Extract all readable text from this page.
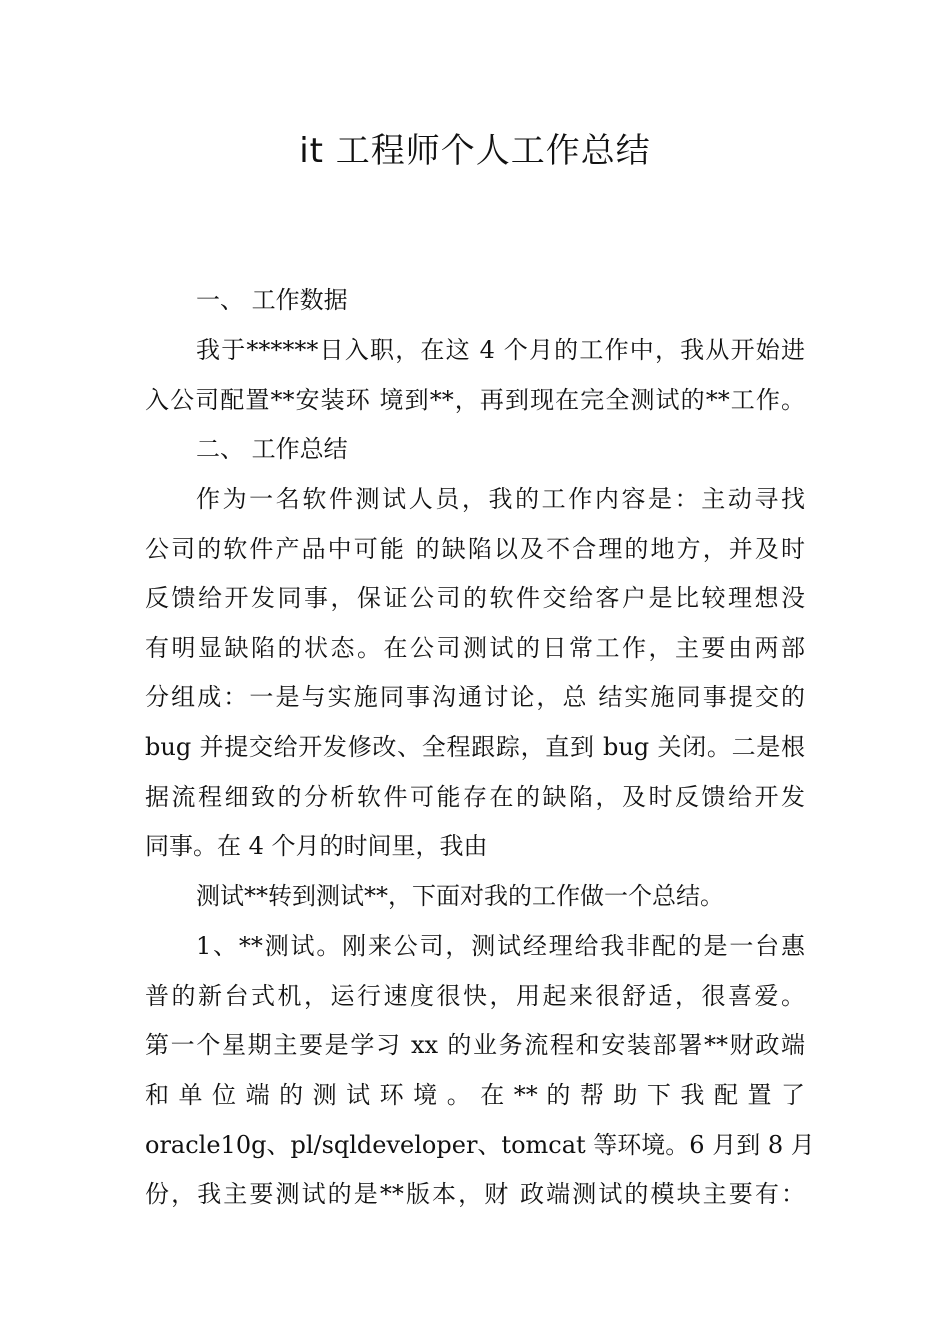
it 工程师个人工作总结

一、 工作数据

我于******日入职，在这 4 个月的工作中，我从开始进

入公司配置**安装环 境到**，再到现在完全测试的**工作。

二、 工作总结

作为一名软件测试人员，我的工作内容是：主动寻找

公司的软件产品中可能 的缺陷以及不合理的地方，并及时

反馈给开发同事，保证公司的软件交给客户是比较理想没

有明显缺陷的状态。在公司测试的日常工作，主要由两部

分组成：一是与实施同事沟通讨论，总 结实施同事提交的

bug 并提交给开发修改、全程跟踪，直到 bug 关闭。二是根

据流程细致的分析软件可能存在的缺陷，及时反馈给开发

同事。在 4 个月的时间里，我由

测试**转到测试**，下面对我的工作做一个总结。

1、**测试。刚来公司，测试经理给我非配的是一台惠

普的新台式机，运行速度很快，用起来很舒适，很喜爱。

第一个星期主要是学习 xx 的业务流程和安装部署**财政端

和 单 位 端 的 测 试 环 境 。 在 ** 的 帮 助 下 我 配 置 了

oracle10g、pl/sqldeveloper、tomcat 等环境。6 月到 8 月

份，我主要测试的是**版本，财 政端测试的模块主要有：
